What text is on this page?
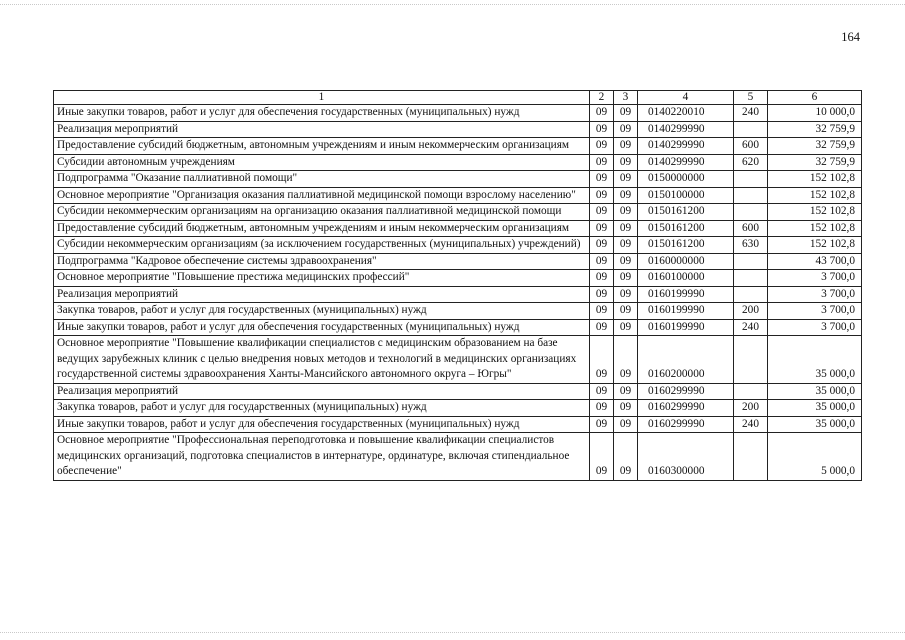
164
1	2	3	4	5	6
Иные закупки товаров, работ и услуг для обеспечения государственных (муниципальных) нужд	09	09	0140220010	240	10 000,0
Реализация мероприятий	09	09	0140299990		32 759,9
Предоставление субсидий бюджетным, автономным учреждениям и иным некоммерческим организациям	09	09	0140299990	600	32 759,9
Субсидии автономным учреждениям	09	09	0140299990	620	32 759,9
Подпрограмма "Оказание паллиативной помощи"	09	09	0150000000		152 102,8
Основное мероприятие "Организация оказания паллиативной медицинской помощи взрослому населению"	09	09	0150100000		152 102,8
Субсидии некоммерческим организациям на организацию оказания паллиативной медицинской помощи	09	09	0150161200		152 102,8
Предоставление субсидий бюджетным, автономным учреждениям и иным некоммерческим организациям	09	09	0150161200	600	152 102,8
Субсидии некоммерческим организациям (за исключением государственных (муниципальных) учреждений)	09	09	0150161200	630	152 102,8
Подпрограмма "Кадровое обеспечение системы здравоохранения"	09	09	0160000000		43 700,0
Основное мероприятие "Повышение престижа медицинских профессий"	09	09	0160100000		3 700,0
Реализация мероприятий	09	09	0160199990		3 700,0
Закупка товаров, работ и услуг для государственных (муниципальных) нужд	09	09	0160199990	200	3 700,0
Иные закупки товаров, работ и услуг для обеспечения государственных (муниципальных) нужд	09	09	0160199990	240	3 700,0
Основное мероприятие "Повышение квалификации специалистов с медицинским образованием на базе ведущих зарубежных клиник с целью внедрения новых методов и технологий в медицинских организациях государственной системы здравоохранения Ханты-Мансийского автономного округа – Югры"	09	09	0160200000		35 000,0
Реализация мероприятий	09	09	0160299990		35 000,0
Закупка товаров, работ и услуг для государственных (муниципальных) нужд	09	09	0160299990	200	35 000,0
Иные закупки товаров, работ и услуг для обеспечения государственных (муниципальных) нужд	09	09	0160299990	240	35 000,0
Основное мероприятие "Профессиональная переподготовка и повышение квалификации специалистов медицинских организаций, подготовка специалистов в интернатуре, ординатуре, включая стипендиальное обеспечение"	09	09	0160300000		5 000,0
